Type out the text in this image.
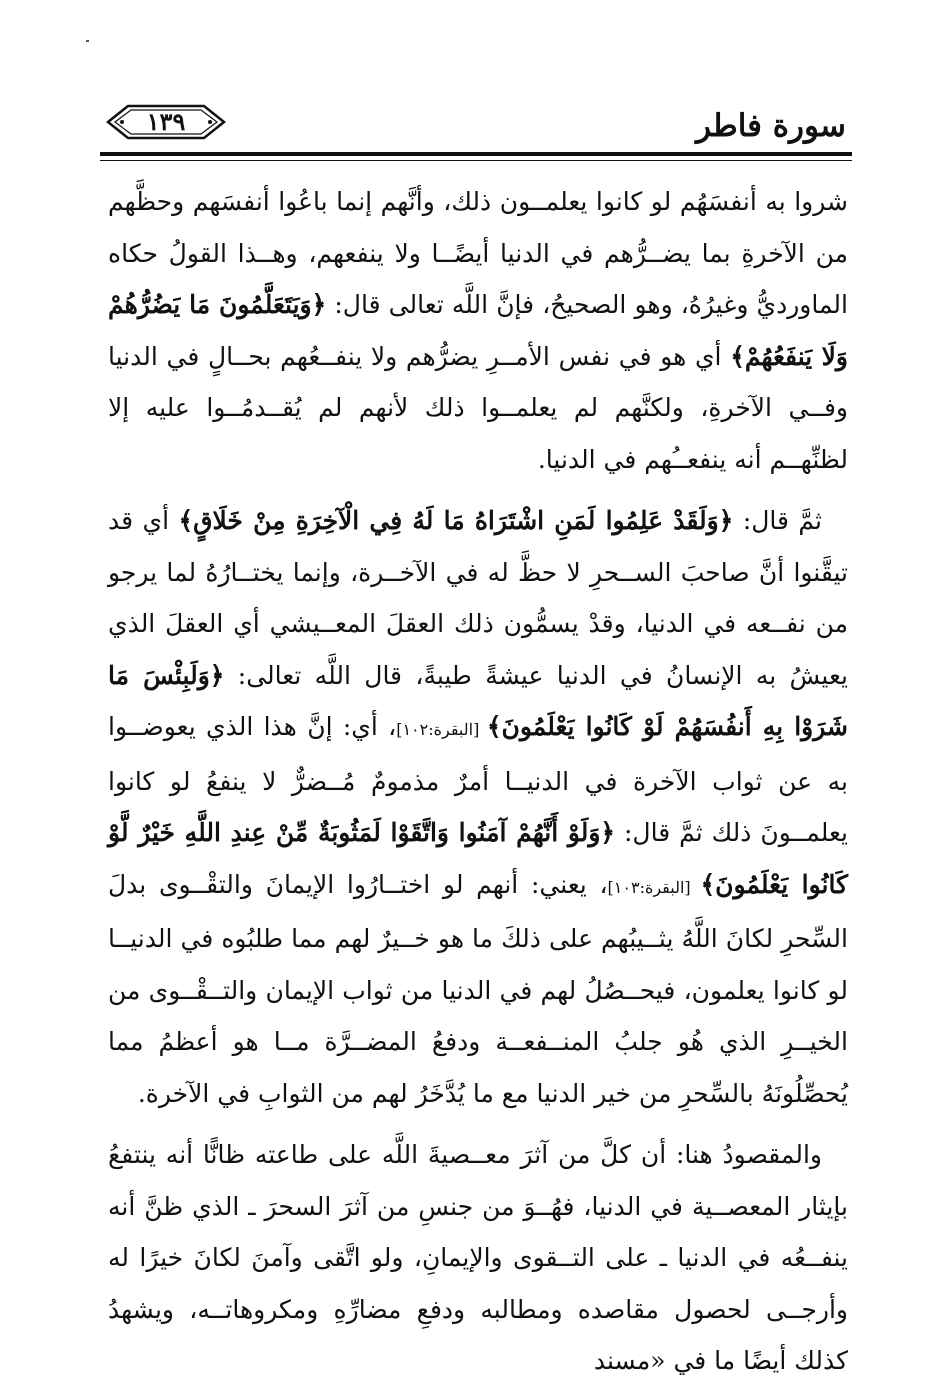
سورة فاطر
١٣٩

شروا به أنفسَهُم لو كانوا يعلمــون ذلك، وأنَّهم إنما باعُوا أنفسَهم وحظَّهم من الآخرةِ بما يضــرُّهم في الدنيا أيضًــا ولا ينفعهم، وهــذا القولُ حكاه الماورديُّ وغيرُهُ، وهو الصحيحُ، فإنَّ اللَّه تعالى قال: ﴿وَيَتَعَلَّمُونَ مَا يَضُرُّهُمْ وَلَا يَنفَعُهُمْ﴾ أي هو في نفس الأمــرِ يضرُّهم ولا ينفــعُهم بحــالٍ في الدنيا وفــي الآخرةِ، ولكنَّهم لم يعلمــوا ذلك لأنهم لم يُقــدمُــوا عليه إلا لظنِّهــم أنه ينفعــُهم في الدنيا.

ثمَّ قال: ﴿وَلَقَدْ عَلِمُوا لَمَنِ اشْتَرَاهُ مَا لَهُ فِي الْآخِرَةِ مِنْ خَلَاقٍ﴾ أي قد تيقَّنوا أنَّ صاحبَ الســحرِ لا حظَّ له في الآخــرة، وإنما يختــارُهُ لما يرجو من نفــعه في الدنيا، وقدْ يسمُّون ذلك العقلَ المعــيشي أي العقلَ الذي يعيشُ به الإنسانُ في الدنيا عيشةً طيبةً، قال اللَّه تعالى: ﴿وَلَبِئْسَ مَا شَرَوْا بِهِ أَنفُسَهُمْ لَوْ كَانُوا يَعْلَمُونَ﴾ [البقرة:١٠٢]، أي: إنَّ هذا الذي يعوضــوا به عن ثواب الآخرة في الدنيــا أمرٌ مذمومٌ مُــضرٌّ لا ينفعُ لو كانوا يعلمــونَ ذلك ثمَّ قال: ﴿وَلَوْ أَنَّهُمْ آمَنُوا وَاتَّقَوْا لَمَثُوبَةٌ مِّنْ عِندِ اللَّهِ خَيْرٌ لَّوْ كَانُوا يَعْلَمُونَ﴾ [البقرة:١٠٣]، يعني: أنهم لو اختــارُوا الإيمانَ والتقْــوى بدلَ السِّحرِ لكانَ اللَّهُ يثــيبُهم على ذلكَ ما هو خــيرٌ لهم مما طلبُوه في الدنيــا لو كانوا يعلمون، فيحــصُلُ لهم في الدنيا من ثواب الإيمان والتــقْــوى من الخيــرِ الذي هُو جلبُ المنــفعــة ودفعُ المضــرَّة مــا هو أعظمُ مما يُحصِّلُونَهُ بالسِّحرِ من خير الدنيا مع ما يُدَّخَرُ لهم من الثوابِ في الآخرة.

والمقصودُ هنا: أن كلَّ من آثرَ معــصيةَ اللَّه على طاعته ظانًّا أنه ينتفعُ بإيثار المعصــية في الدنيا، فهُــوَ من جنسِ من آثرَ السحرَ ـ الذي ظنَّ أنه ينفــعُه في الدنيا ـ على التــقوى والإيمانِ، ولو اتَّقى وآمنَ لكانَ خيرًا له وأرجــى لحصول مقاصده ومطالبه ودفعِ مضارِّهِ ومكروهاتــه، ويشهدُ كذلك أيضًا ما في «مسند
